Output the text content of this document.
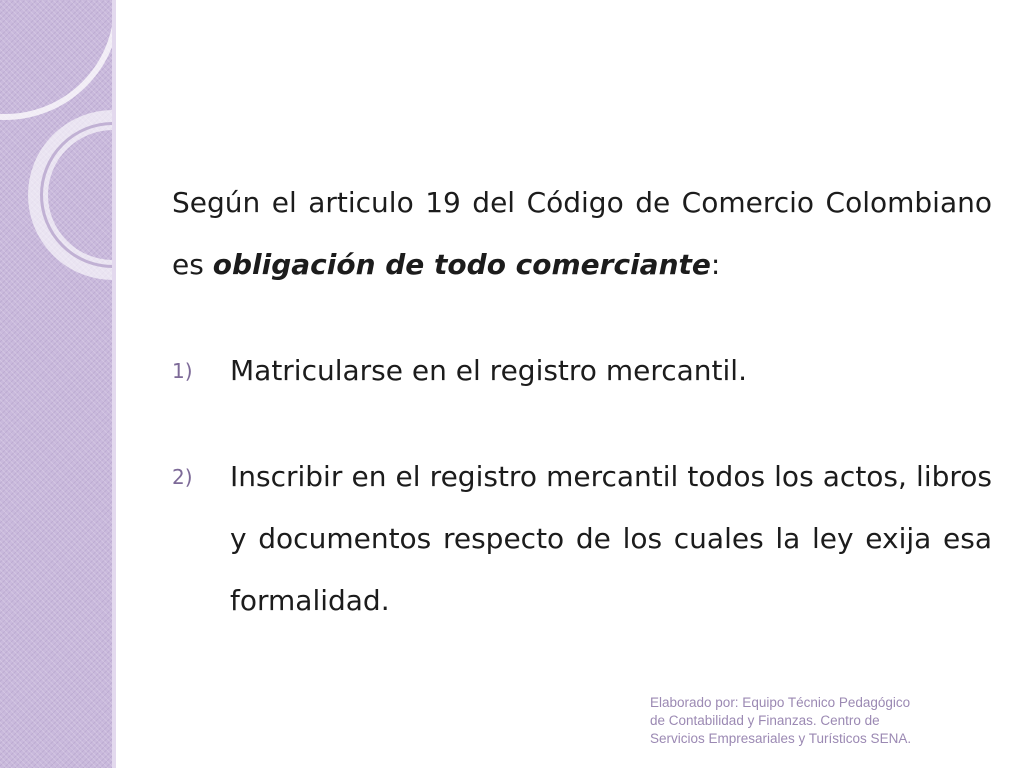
Según el articulo 19 del Código de Comercio Colombiano es obligación de todo comerciante:

1) Matricularse en el registro mercantil.
2) Inscribir en el registro mercantil todos los actos, libros y documentos respecto de los cuales la ley exija esa formalidad.
Elaborado por: Equipo Técnico Pedagógico
de Contabilidad y Finanzas. Centro de
Servicios Empresariales y Turísticos SENA.
